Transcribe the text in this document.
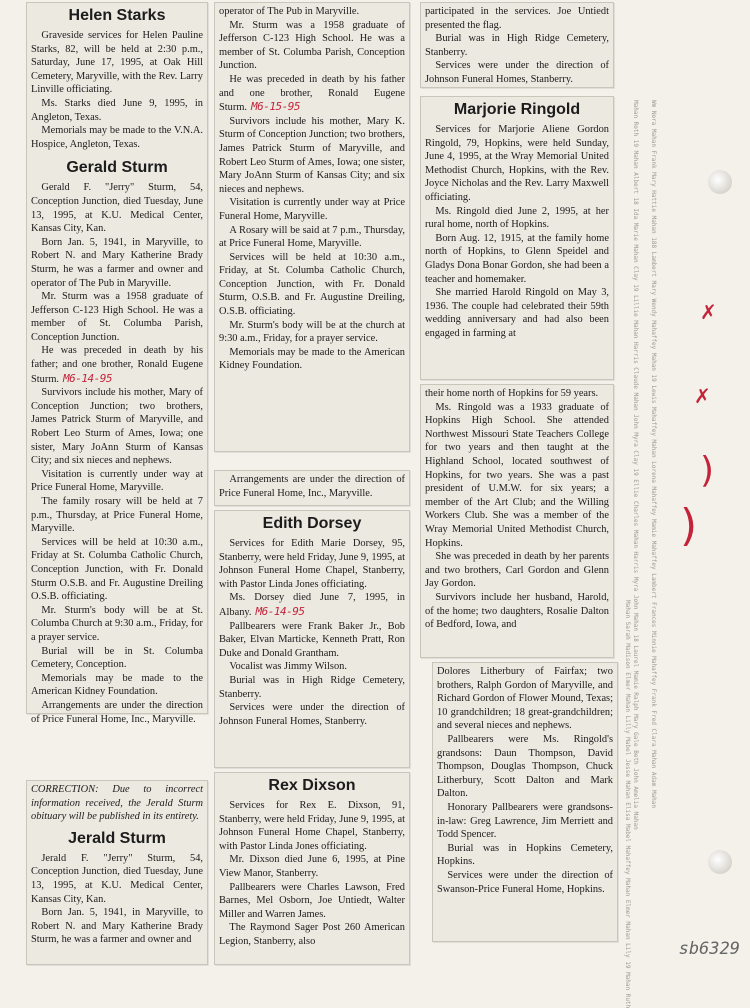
Mahan Roth 19 Mahan Albert 18 Ida Marie Mahan Clay 19 Lillie Mahan Harris Claude Mahan John Myra Clay 19 Ellie Charles Mahan Harris Myra John Mahan 18 Laurel Mamie Ralph Mary Gale Beth John Amelia Mahan	Wm Nora Mahan Frank Mary Hattie Mahan 188 Lambert Mary Wendy Mahaffey Mahan 19 Lewis Mahaffey Mahan Lorena Mahaffey Mamie Mahaffey Lambert Frances Minnie Mahaffey Frank Fred Clara Mahan Adam Mahan
Mahan Sarah Madison Elmer Mahan Lilly Mabel Jesse Mahan Elisa Mabel Mahaffey Mahan Elmer Mahan Lily 19 Mahan Ruth
Helen Starks

Graveside services for Helen Pauline Starks, 82, will be held at 2:30 p.m., Saturday, June 17, 1995, at Oak Hill Cemetery, Maryville, with the Rev. Larry Linville officiating.

Ms. Starks died June 9, 1995, in Angleton, Texas.

Memorials may be made to the V.N.A. Hospice, Angleton, Texas.

Gerald Sturm

Gerald F. "Jerry" Sturm, 54, Conception Junction, died Tuesday, June 13, 1995, at K.U. Medical Center, Kansas City, Kan.

Born Jan. 5, 1941, in Maryville, to Robert N. and Mary Katherine Brady Sturm, he was a farmer and owner and operator of The Pub in Maryville.

Mr. Sturm was a 1958 graduate of Jefferson C-123 High School. He was a member of St. Columba Parish, Conception Junction.

He was preceded in death by his father; and one brother, Ronald Eugene Sturm. M6-14-95

Survivors include his mother, Mary of Conception Junction; two brothers, James Patrick Sturm of Maryville, and Robert Leo Sturm of Ames, Iowa; one sister, Mary JoAnn Sturm of Kansas City; and six nieces and nephews.

Visitation is currently under way at Price Funeral Home, Maryville.

The family rosary will be held at 7 p.m., Thursday, at Price Funeral Home, Maryville.

Services will be held at 10:30 a.m., Friday at St. Columba Catholic Church, Conception Junction, with Fr. Donald Sturm O.S.B. and Fr. Augustine Dreiling O.S.B. officiating.

Mr. Sturm's body will be at St. Columba Church at 9:30 a.m., Friday, for a prayer service.

Burial will be in St. Columba Cemetery, Conception.

Memorials may be made to the American Kidney Foundation.

Arrangements are under the direction of Price Funeral Home, Inc., Maryville.

CORRECTION: Due to incorrect information received, the Jerald Sturm obituary will be published in its entirety.

Jerald Sturm

Jerald F. "Jerry" Sturm, 54, Conception Junction, died Tuesday, June 13, 1995, at K.U. Medical Center, Kansas City, Kan.

Born Jan. 5, 1941, in Maryville, to Robert N. and Mary Katherine Brady Sturm, he was a farmer and owner and

operator of The Pub in Maryville.

Mr. Sturm was a 1958 graduate of Jefferson C-123 High School. He was a member of St. Columba Parish, Conception Junction.

He was preceded in death by his father and one brother, Ronald Eugene Sturm. M6-15-95

Survivors include his mother, Mary K. Sturm of Conception Junction; two brothers, James Patrick Sturm of Maryville, and Robert Leo Sturm of Ames, Iowa; one sister, Mary JoAnn Sturm of Kansas City; and six nieces and nephews.

Visitation is currently under way at Price Funeral Home, Maryville.

A Rosary will be said at 7 p.m., Thursday, at Price Funeral Home, Maryville.

Services will be held at 10:30 a.m., Friday, at St. Columba Catholic Church, Conception Junction, with Fr. Donald Sturm, O.S.B. and Fr. Augustine Dreiling, O.S.B. officiating.

Mr. Sturm's body will be at the church at 9:30 a.m., Friday, for a prayer service.

Memorials may be made to the American Kidney Foundation.

Arrangements are under the direction of Price Funeral Home, Inc., Maryville.

Edith Dorsey

Services for Edith Marie Dorsey, 95, Stanberry, were held Friday, June 9, 1995, at Johnson Funeral Home Chapel, Stanberry, with Pastor Linda Jones officiating.

Ms. Dorsey died June 7, 1995, in Albany. M6-14-95

Pallbearers were Frank Baker Jr., Bob Baker, Elvan Marticke, Kenneth Pratt, Ron Duke and Donald Grantham.

Vocalist was Jimmy Wilson.

Burial was in High Ridge Cemetery, Stanberry.

Services were under the direction of Johnson Funeral Homes, Stanberry.

Rex Dixson

Services for Rex E. Dixson, 91, Stanberry, were held Friday, June 9, 1995, at Johnson Funeral Home Chapel, Stanberry, with Pastor Linda Jones officiating.

Mr. Dixson died June 6, 1995, at Pine View Manor, Stanberry.

Pallbearers were Charles Lawson, Fred Barnes, Mel Osborn, Joe Untiedt, Walter Miller and Warren James.

The Raymond Sager Post 260 American Legion, Stanberry, also

participated in the services. Joe Untiedt presented the flag.

Burial was in High Ridge Cemetery, Stanberry.

Services were under the direction of Johnson Funeral Homes, Stanberry.

Marjorie Ringold

Services for Marjorie Aliene Gordon Ringold, 79, Hopkins, were held Sunday, June 4, 1995, at the Wray Memorial United Methodist Church, Hopkins, with the Rev. Joyce Nicholas and the Rev. Larry Maxwell officiating.

Ms. Ringold died June 2, 1995, at her rural home, north of Hopkins.

Born Aug. 12, 1915, at the family home north of Hopkins, to Glenn Speidel and Gladys Dona Bonar Gordon, she had been a teacher and homemaker.

She married Harold Ringold on May 3, 1936. The couple had celebrated their 59th wedding anniversary and had also been engaged in farming at

their home north of Hopkins for 59 years.

Ms. Ringold was a 1933 graduate of Hopkins High School. She attended Northwest Missouri State Teachers College for two years and then taught at the Highland School, located southwest of Hopkins, for two years. She was a past president of U.M.W. for six years; a member of the Art Club; and the Willing Workers Club. She was a member of the Wray Memorial United Methodist Church, Hopkins.

She was preceded in death by her parents and two brothers, Carl Gordon and Glenn Jay Gordon.

Survivors include her husband, Harold, of the home; two daughters, Rosalie Dalton of Bedford, Iowa, and

Dolores Litherbury of Fairfax; two brothers, Ralph Gordon of Maryville, and Richard Gordon of Flower Mound, Texas; 10 grandchildren; 18 great-grandchildren; and several nieces and nephews.

Pallbearers were Ms. Ringold's grandsons: Daun Thompson, David Thompson, Douglas Thompson, Chuck Litherbury, Scott Dalton and Mark Dalton.

Honorary Pallbearers were grandsons-in-law: Greg Lawrence, Jim Merriett and Todd Spencer.

Burial was in Hopkins Cemetery, Hopkins.

Services were under the direction of Swanson-Price Funeral Home, Hopkins.

✗
✗
)
)
sb6329
